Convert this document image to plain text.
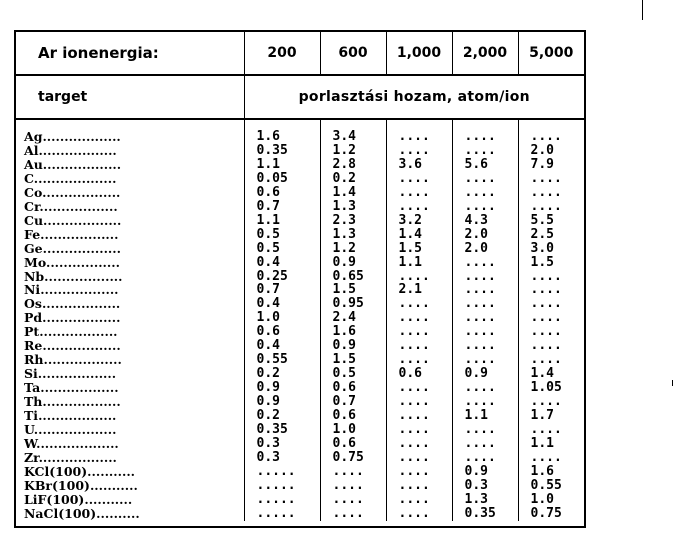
Ar ionenergia:	200	600	1,000	2,000	5,000
target	porlasztási hozam, atom/ion				

Ag..................	1.6	3.4	....	....	....
Al..................	0.35	1.2	....	....	2.0
Au..................	1.1	2.8	3.6	5.6	7.9
C...................	0.05	0.2	....	....	....
Co..................	0.6	1.4	....	....	....
Cr..................	0.7	1.3	....	....	....
Cu..................	1.1	2.3	3.2	4.3	5.5
Fe..................	0.5	1.3	1.4	2.0	2.5
Ge..................	0.5	1.2	1.5	2.0	3.0
Mo.................	0.4	0.9	1.1	....	1.5
Nb..................	0.25	0.65	....	....	....
Ni..................	0.7	1.5	2.1	....	....
Os..................	0.4	0.95	....	....	....
Pd..................	1.0	2.4	....	....	....
Pt..................	0.6	1.6	....	....	....
Re..................	0.4	0.9	....	....	....
Rh..................	0.55	1.5	....	....	....
Si..................	0.2	0.5	0.6	0.9	1.4
Ta..................	0.9	0.6	....	....	1.05
Th..................	0.9	0.7	....	....	....
Ti..................	0.2	0.6	....	1.1	1.7
U...................	0.35	1.0	....	....	....
W...................	0.3	0.6	....	....	1.1
Zr..................	0.3	0.75	....	....	....
KCl(100)...........	.....	....	....	0.9	1.6
KBr(100)...........	.....	....	....	0.3	0.55
LiF(100)...........	.....	....	....	1.3	1.0
NaCl(100)..........	.....	....	....	0.35	0.75
